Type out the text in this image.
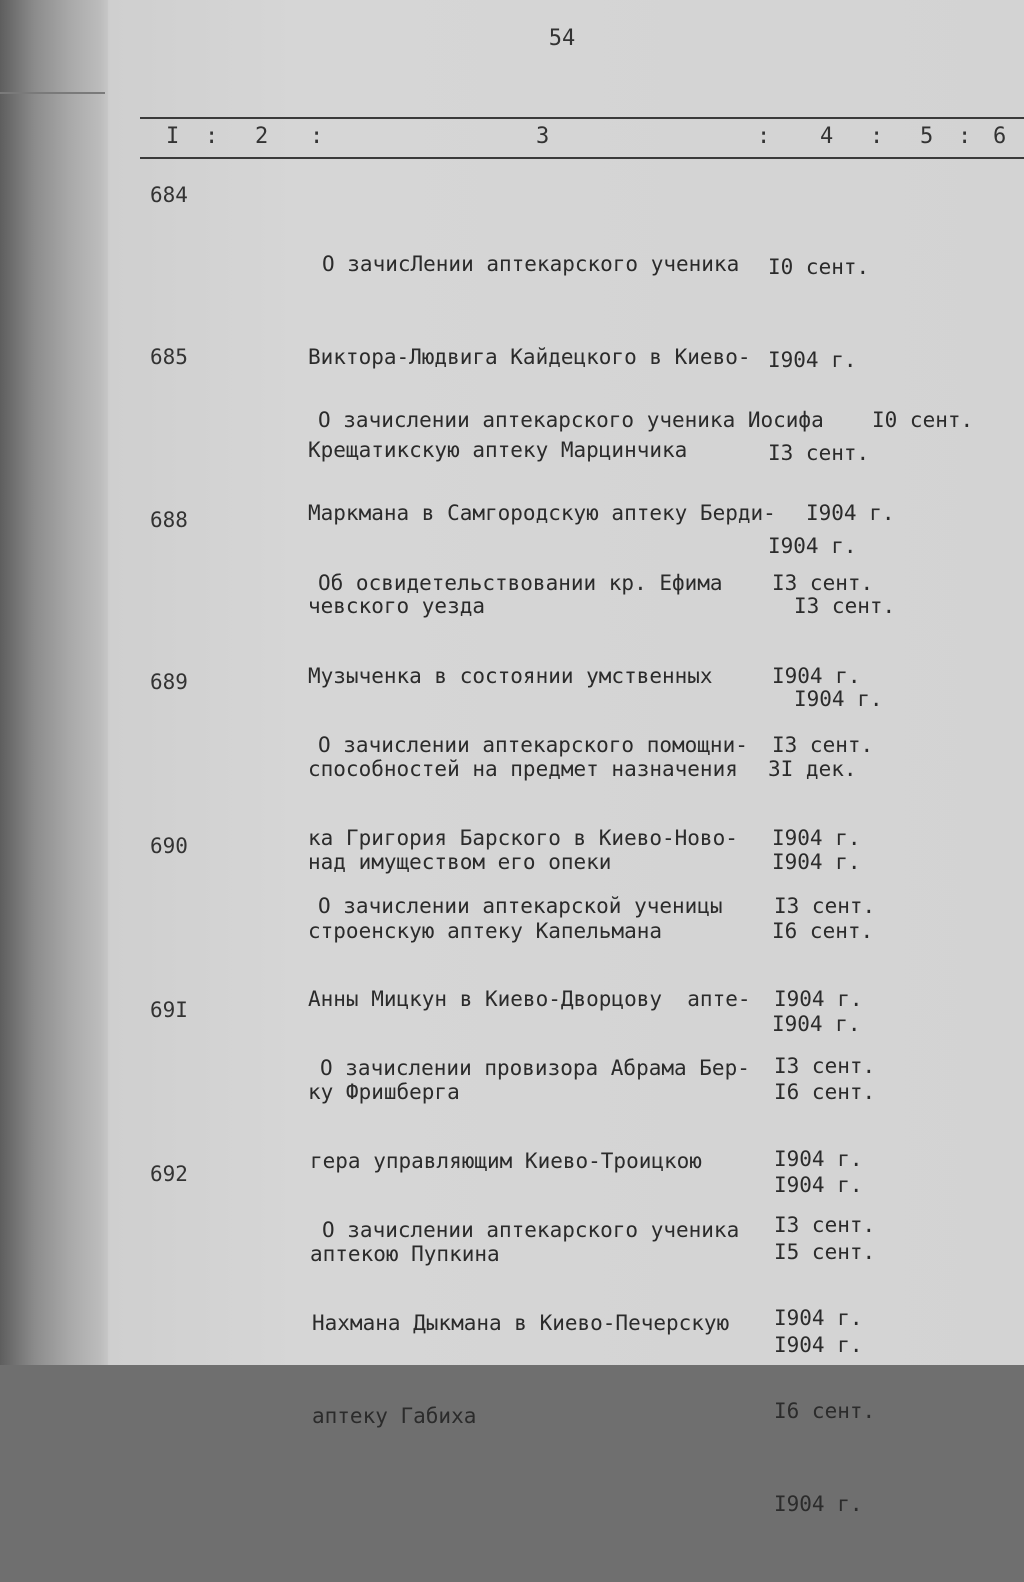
54
I : 2 :	3	: 4 : 5 : 6
684

О зачисЛении аптекарского ученика

Виктора-Людвига Кайдецкого в Киево-

Крещатикскую аптеку Марцинчика

I0 сент.

I904 г.

I3 сент.

I904 г.

685

О зачислении аптекарского ученика Иосифа

Маркмана в Самгородскую аптеку Берди-

чевского уезда

I0 сент.

I904 г.

I3 сент.

I904 г.

688

Об освидетельствовании кр. Ефима

Музыченка в состоянии умственных

способностей на предмет назначения

над имуществом его опеки

I3 сент.

I904 г.

3I дек.

I904 г.

689

О зачислении аптекарского помощни-

ка Григория Барского в Киево-Ново-

строенскую аптеку Капельмана

I3 сент.

I904 г.

I6 сент.

I904 г.

690

О зачислении аптекарской ученицы

Анны Мицкун в Киево-Дворцову  апте-

ку Фришберга

I3 сент.

I904 г.

I6 сент.

I904 г.

69I

О зачислении провизора Абрама Бер-

гера управляющим Киево-Троицкою

аптекою Пупкина

I3 сент.

I904 г.

I5 сент.

I904 г.

692

О зачислении аптекарского ученика

Нахмана Дыкмана в Киево-Печерскую

аптеку Габиха

I3 сент.

I904 г.

I6 сент.

I904 г.
